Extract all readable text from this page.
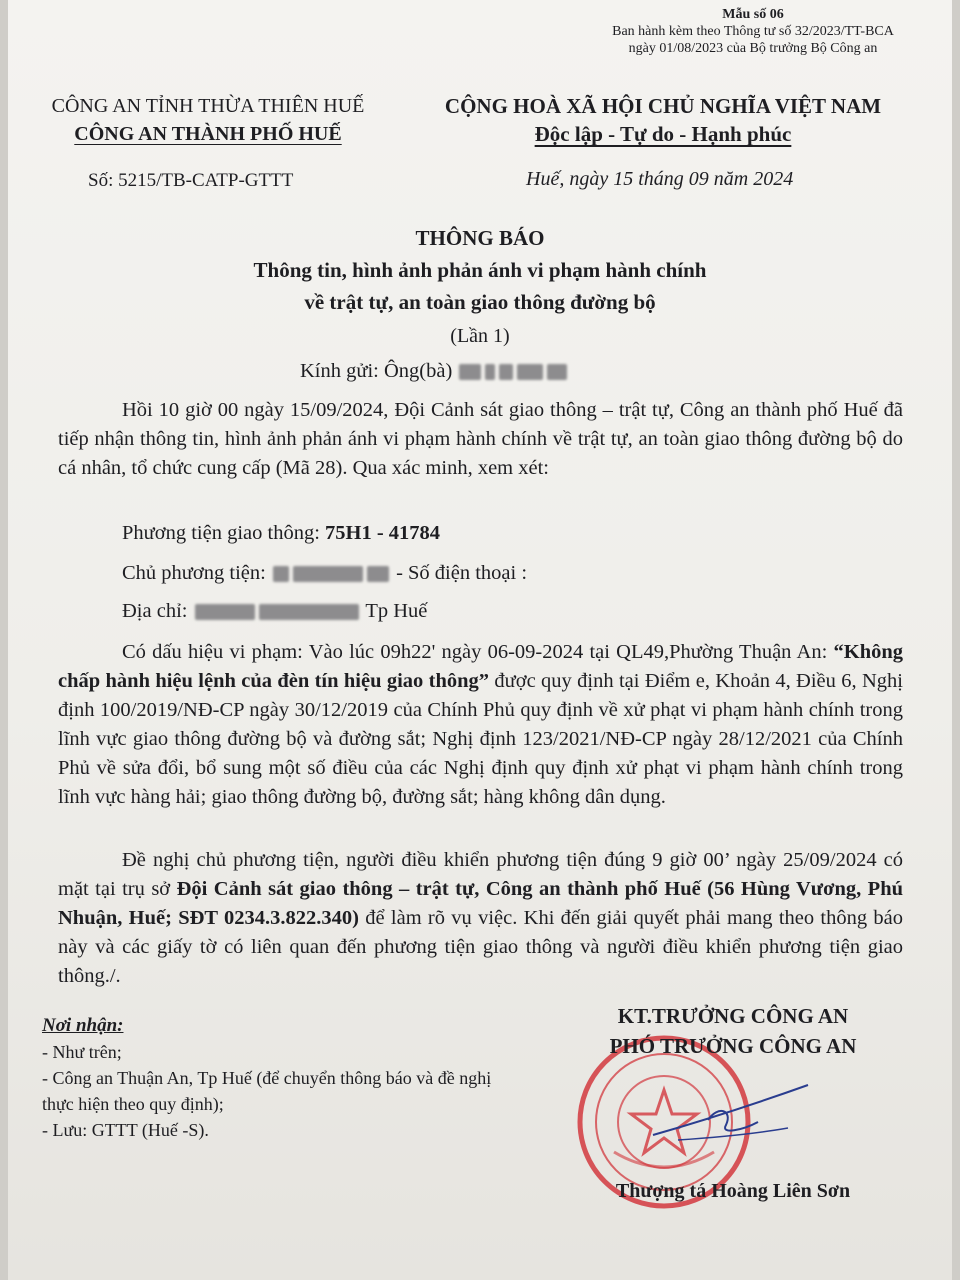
Mẫu số 06
Ban hành kèm theo Thông tư số 32/2023/TT-BCA
ngày 01/08/2023 của Bộ trưởng Bộ Công an
CÔNG AN TỈNH THỪA THIÊN HUẾ
CÔNG AN THÀNH PHỐ HUẾ
CỘNG HOÀ XÃ HỘI CHỦ NGHĨA VIỆT NAM
Độc lập - Tự do - Hạnh phúc
Số: 5215/TB-CATP-GTTT	Huế, ngày 15 tháng 09 năm 2024
THÔNG BÁO
Thông tin, hình ảnh phản ánh vi phạm hành chính
về trật tự, an toàn giao thông đường bộ
(Lần 1)
Kính gửi: Ông(bà)
Hồi 10 giờ 00 ngày 15/09/2024, Đội Cảnh sát giao thông – trật tự, Công an thành phố Huế đã tiếp nhận thông tin, hình ảnh phản ánh vi phạm hành chính về trật tự, an toàn giao thông đường bộ do cá nhân, tổ chức cung cấp (Mã 28). Qua xác minh, xem xét:
Phương tiện giao thông: 75H1 - 41784
Chủ phương tiện:	- Số điện thoại :
Địa chỉ:	Tp Huế
Có dấu hiệu vi phạm: Vào lúc 09h22' ngày 06-09-2024 tại QL49,Phường Thuận An: “Không chấp hành hiệu lệnh của đèn tín hiệu giao thông” được quy định tại Điểm e, Khoản 4, Điều 6, Nghị định 100/2019/NĐ-CP ngày 30/12/2019 của Chính Phủ quy định về xử phạt vi phạm hành chính trong lĩnh vực giao thông đường bộ và đường sắt; Nghị định 123/2021/NĐ-CP ngày 28/12/2021 của Chính Phủ về sửa đổi, bổ sung một số điều của các Nghị định quy định xử phạt vi phạm hành chính trong lĩnh vực hàng hải; giao thông đường bộ, đường sắt; hàng không dân dụng.
Đề nghị chủ phương tiện, người điều khiển phương tiện đúng 9 giờ 00’ ngày 25/09/2024 có mặt tại trụ sở Đội Cảnh sát giao thông – trật tự, Công an thành phố Huế (56 Hùng Vương, Phú Nhuận, Huế; SĐT 0234.3.822.340) để làm rõ vụ việc. Khi đến giải quyết phải mang theo thông báo này và các giấy tờ có liên quan đến phương tiện giao thông và người điều khiển phương tiện giao thông./.
Nơi nhận:
- Như trên;
- Công an Thuận An, Tp Huế (để chuyển thông báo và đề nghị thực hiện theo quy định);
- Lưu: GTTT (Huế -S).
KT.TRƯỞNG CÔNG AN
PHÓ TRƯỞNG CÔNG AN
Thượng tá Hoàng Liên Sơn
